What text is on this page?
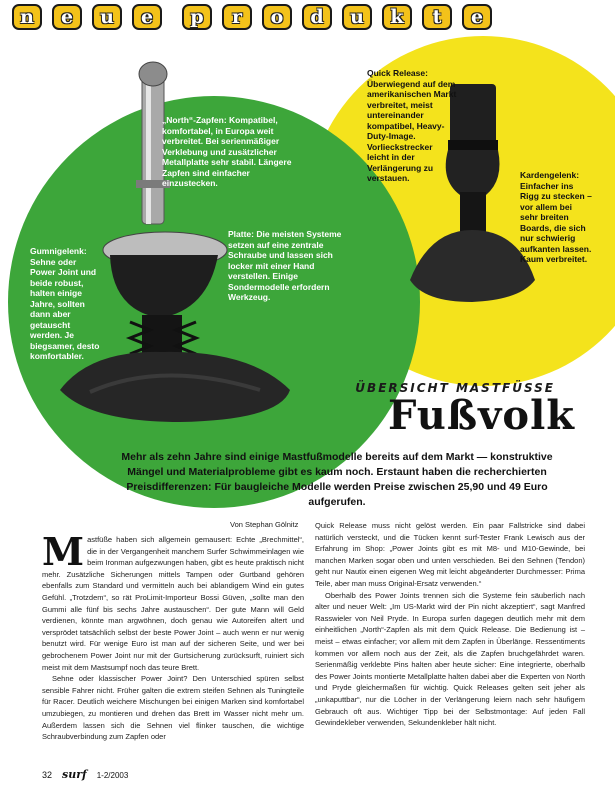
n	e	u	e	p	r	o	d	u	k	t	e
„North“-Zapfen: Kompatibel, komfortabel, in Europa weit verbreitet. Bei serienmäßiger Verklebung und zusätzlicher Metallplatte sehr stabil. Längere Zapfen sind einfacher einzustecken.
Platte: Die meisten Systeme setzen auf eine zentrale Schraube und lassen sich locker mit einer Hand verstellen. Einige Sondermodelle erfordern Werkzeug.
Gumnigelenk: Sehne oder Power Joint und beide robust, halten einige Jahre, sollten dann aber getauscht werden. Je biegsamer, desto komfortabler.
Quick Release: Überwiegend auf dem amerikanischen Markt verbreitet, meist untereinander kompatibel, Heavy-Duty-Image. Vorlieckstrecker leicht in der Verlängerung zu verstauen.	Kardengelenk: Einfacher ins Rigg zu stecken – vor allem bei sehr breiten Boards, die sich nur schwierig aufkanten lassen. Kaum verbreitet.
ÜBERSICHT MASTFÜSSE
Fußvolk
Mehr als zehn Jahre sind einige Mastfußmodelle bereits auf dem Markt — konstruktive Mängel und Materialprobleme gibt es kaum noch. Erstaunt haben die recherchierten Preisdifferenzen: Für baugleiche Modelle werden Preise zwischen 25,90 und 49 Euro aufgerufen.
Von Stephan Gölnitz

Mastfüße haben sich allgemein gemausert: Echte „Brechmittel“, die in der Vergangenheit manchem Surfer Schwimmeinlagen wie beim Ironman aufgezwungen haben, gibt es heute praktisch nicht mehr. Zusätzliche Sicherungen mittels Tampen oder Gurtband gehören ebenfalls zum Standard und vermitteln auch bei ablandigem Wind ein gutes Gefühl. „Trotzdem“, so rät ProLimit-Importeur Bossi Güven, „sollte man den Gummi alle fünf bis sechs Jahre austauschen“. Der gute Mann will Geld verdienen, könnte man argwöhnen, doch genau wie Autoreifen altert und versprödet tatsächlich selbst der beste Power Joint – auch wenn er nur wenig benutzt wird. Für wenige Euro ist man auf der sicheren Seite, und wer bei gebrochenem Power Joint nur mit der Gurtsicherung zurücksurft, ruiniert sich meist mit dem Mastsumpf noch das teure Brett.

Sehne oder klassischer Power Joint? Den Unterschied spüren selbst sensible Fahrer nicht. Früher galten die extrem steifen Sehnen als Tuningteile für Racer. Deutlich weichere Mischungen bei einigen Marken sind komfortabel umzubiegen, zu montieren und drehen das Brett im Wasser nicht mehr um. Außerdem lassen sich die Sehnen viel flinker tauschen, die wichtige Schraubverbindung zum Zapfen oder

Quick Release muss nicht gelöst werden. Ein paar Fallstricke sind dabei natürlich versteckt, und die Tücken kennt surf-Tester Frank Lewisch aus der Erfahrung im Shop: „Power Joints gibt es mit M8- und M10-Gewinde, bei manchen Marken sogar oben und unten verschieden. Bei den Sehnen (Tendon) geht nur Nautix einen eigenen Weg mit leicht abgeänderter Durchmesser: Prima Teile, aber man muss Original-Ersatz verwenden.“

Oberhalb des Power Joints trennen sich die Systeme fein säuberlich nach alter und neuer Welt: „Im US-Markt wird der Pin nicht akzeptiert“, sagt Manfred Rasswieler von Neil Pryde. In Europa surfen dagegen deutlich mehr mit dem einheitlichen „North“-Zapfen als mit dem Quick Release. Die Bedienung ist – meist – etwas einfacher; vor allem mit dem Zapfen in Überlänge. Ressentiments kommen vor allem noch aus der Zeit, als die Zapfen bruchgefährdet waren. Serienmäßig verklebte Pins halten aber heute sicher: Eine integrierte, oberhalb des Power Joints montierte Metallplatte halten dabei aber die Experten von North und Pryde gleichermaßen für wichtig. Quick Releases gelten seit jeher als „unkaputtbar“, nur die Löcher in der Verlängerung leiern nach sehr häufigem Gebrauch oft aus. Wichtiger Tipp bei der Selbstmontage: Auf jeden Fall Gewindekleber verwenden, Sekundenkleber hält nicht.

32 surf 1-2/2003
